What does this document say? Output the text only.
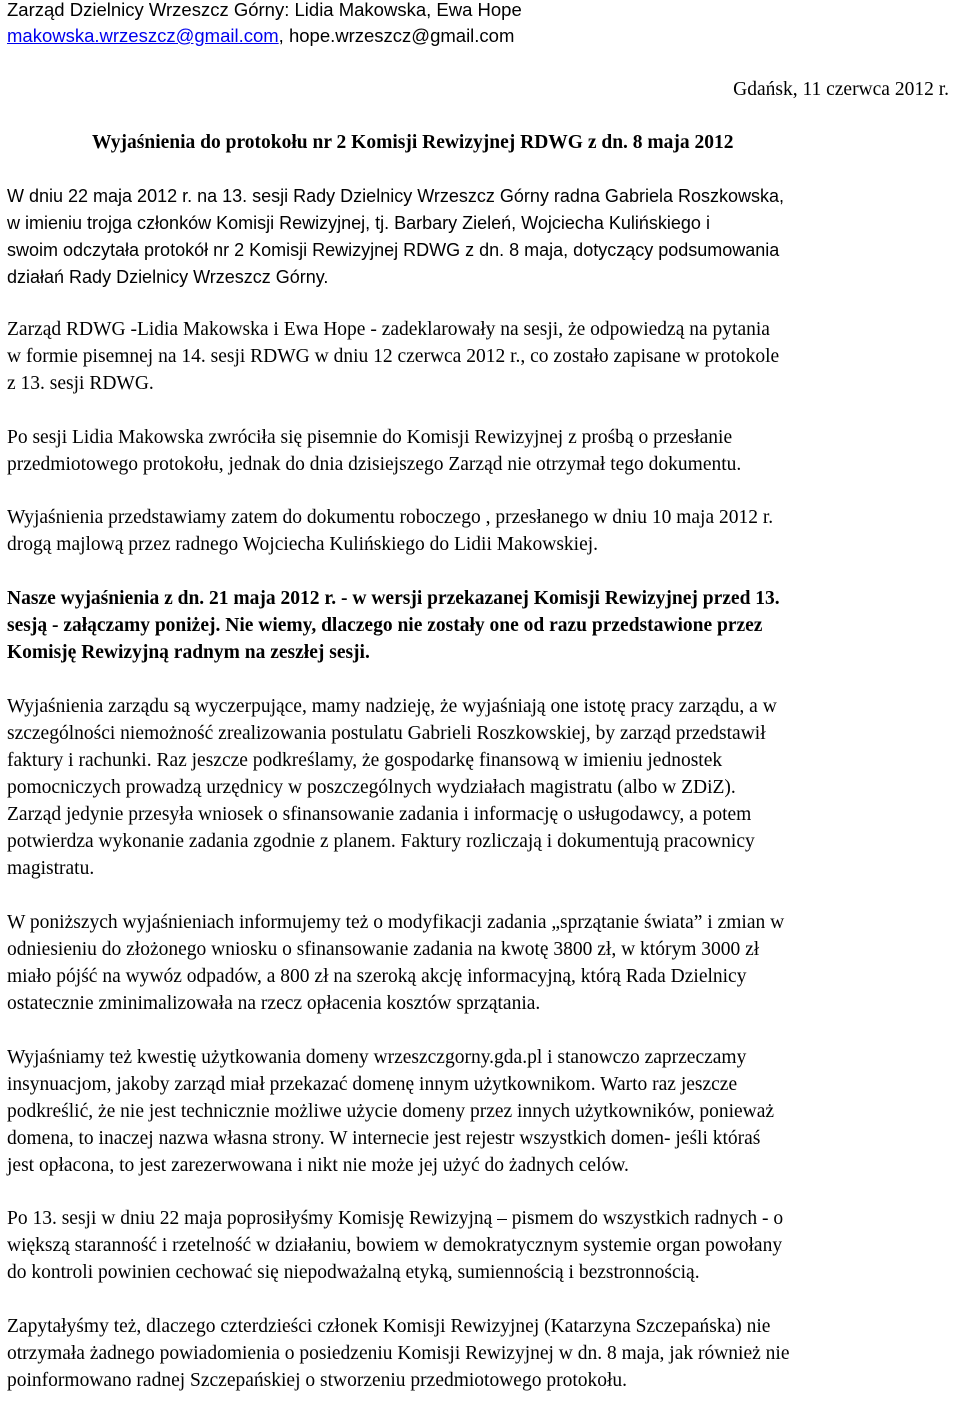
Zarząd Dzielnicy Wrzeszcz Górny: Lidia Makowska, Ewa Hope
makowska.wrzeszcz@gmail.com, hope.wrzeszcz@gmail.com
Gdańsk, 11 czerwca 2012 r.
Wyjaśnienia do protokołu nr 2 Komisji Rewizyjnej RDWG z dn. 8 maja 2012
W dniu 22 maja 2012 r. na 13. sesji Rady Dzielnicy Wrzeszcz Górny radna Gabriela Roszkowska,
w imieniu trojga członków Komisji Rewizyjnej, tj. Barbary Zieleń, Wojciecha Kulińskiego i
swoim odczytała protokół nr 2 Komisji Rewizyjnej RDWG z dn. 8 maja, dotyczący podsumowania
działań Rady Dzielnicy Wrzeszcz Górny.
Zarząd RDWG -Lidia Makowska i Ewa Hope - zadeklarowały na sesji, że odpowiedzą na pytania
w formie pisemnej na 14. sesji RDWG w dniu 12 czerwca 2012 r., co zostało zapisane w protokole
z 13. sesji RDWG.
Po sesji Lidia Makowska zwróciła się pisemnie do Komisji Rewizyjnej z prośbą o przesłanie
przedmiotowego protokołu, jednak do dnia dzisiejszego Zarząd nie otrzymał tego dokumentu.
Wyjaśnienia przedstawiamy zatem do dokumentu roboczego , przesłanego w dniu 10 maja 2012 r.
drogą majlową przez radnego Wojciecha Kulińskiego do Lidii Makowskiej.
Nasze wyjaśnienia z dn. 21 maja 2012 r. - w wersji przekazanej Komisji Rewizyjnej przed 13.
sesją - załączamy poniżej. Nie wiemy, dlaczego nie zostały one od razu przedstawione przez
Komisję Rewizyjną radnym na zeszłej sesji.
Wyjaśnienia zarządu są wyczerpujące, mamy nadzieję, że wyjaśniają one istotę pracy zarządu, a w
szczególności niemożność zrealizowania postulatu Gabrieli Roszkowskiej, by zarząd przedstawił
faktury i rachunki. Raz jeszcze podkreślamy, że gospodarkę finansową w imieniu jednostek
pomocniczych prowadzą urzędnicy w poszczególnych wydziałach magistratu (albo w ZDiZ).
Zarząd jedynie przesyła wniosek o sfinansowanie zadania i informację o usługodawcy, a potem
potwierdza wykonanie zadania zgodnie z planem. Faktury rozliczają i dokumentują pracownicy
magistratu.
W poniższych wyjaśnieniach informujemy też o modyfikacji zadania „sprzątanie świata” i zmian w
odniesieniu do złożonego wniosku o sfinansowanie zadania na kwotę 3800 zł, w którym 3000 zł
miało pójść na wywóz odpadów, a 800 zł na szeroką akcję informacyjną, którą Rada Dzielnicy
ostatecznie zminimalizowała na rzecz opłacenia kosztów sprzątania.
Wyjaśniamy też kwestię użytkowania domeny wrzeszczgorny.gda.pl i stanowczo zaprzeczamy
insynuacjom, jakoby zarząd miał przekazać domenę innym użytkownikom. Warto raz jeszcze
podkreślić, że nie jest technicznie możliwe użycie domeny przez innych użytkowników, ponieważ
domena, to inaczej nazwa własna strony. W internecie jest rejestr wszystkich domen- jeśli któraś
jest opłacona, to jest zarezerwowana i nikt nie może jej użyć do żadnych celów.
Po 13. sesji w dniu 22 maja poprosiłyśmy Komisję Rewizyjną – pismem do wszystkich radnych - o
większą staranność i rzetelność w działaniu, bowiem w demokratycznym systemie organ powołany
do kontroli powinien cechować się niepodważalną etyką, sumiennością i bezstronnością.
Zapytałyśmy też, dlaczego czterdzieści członek Komisji Rewizyjnej (Katarzyna Szczepańska) nie
otrzymała żadnego powiadomienia o posiedzeniu Komisji Rewizyjnej w dn. 8 maja, jak również nie
poinformowano radnej Szczepańskiej o stworzeniu przedmiotowego protokołu.
